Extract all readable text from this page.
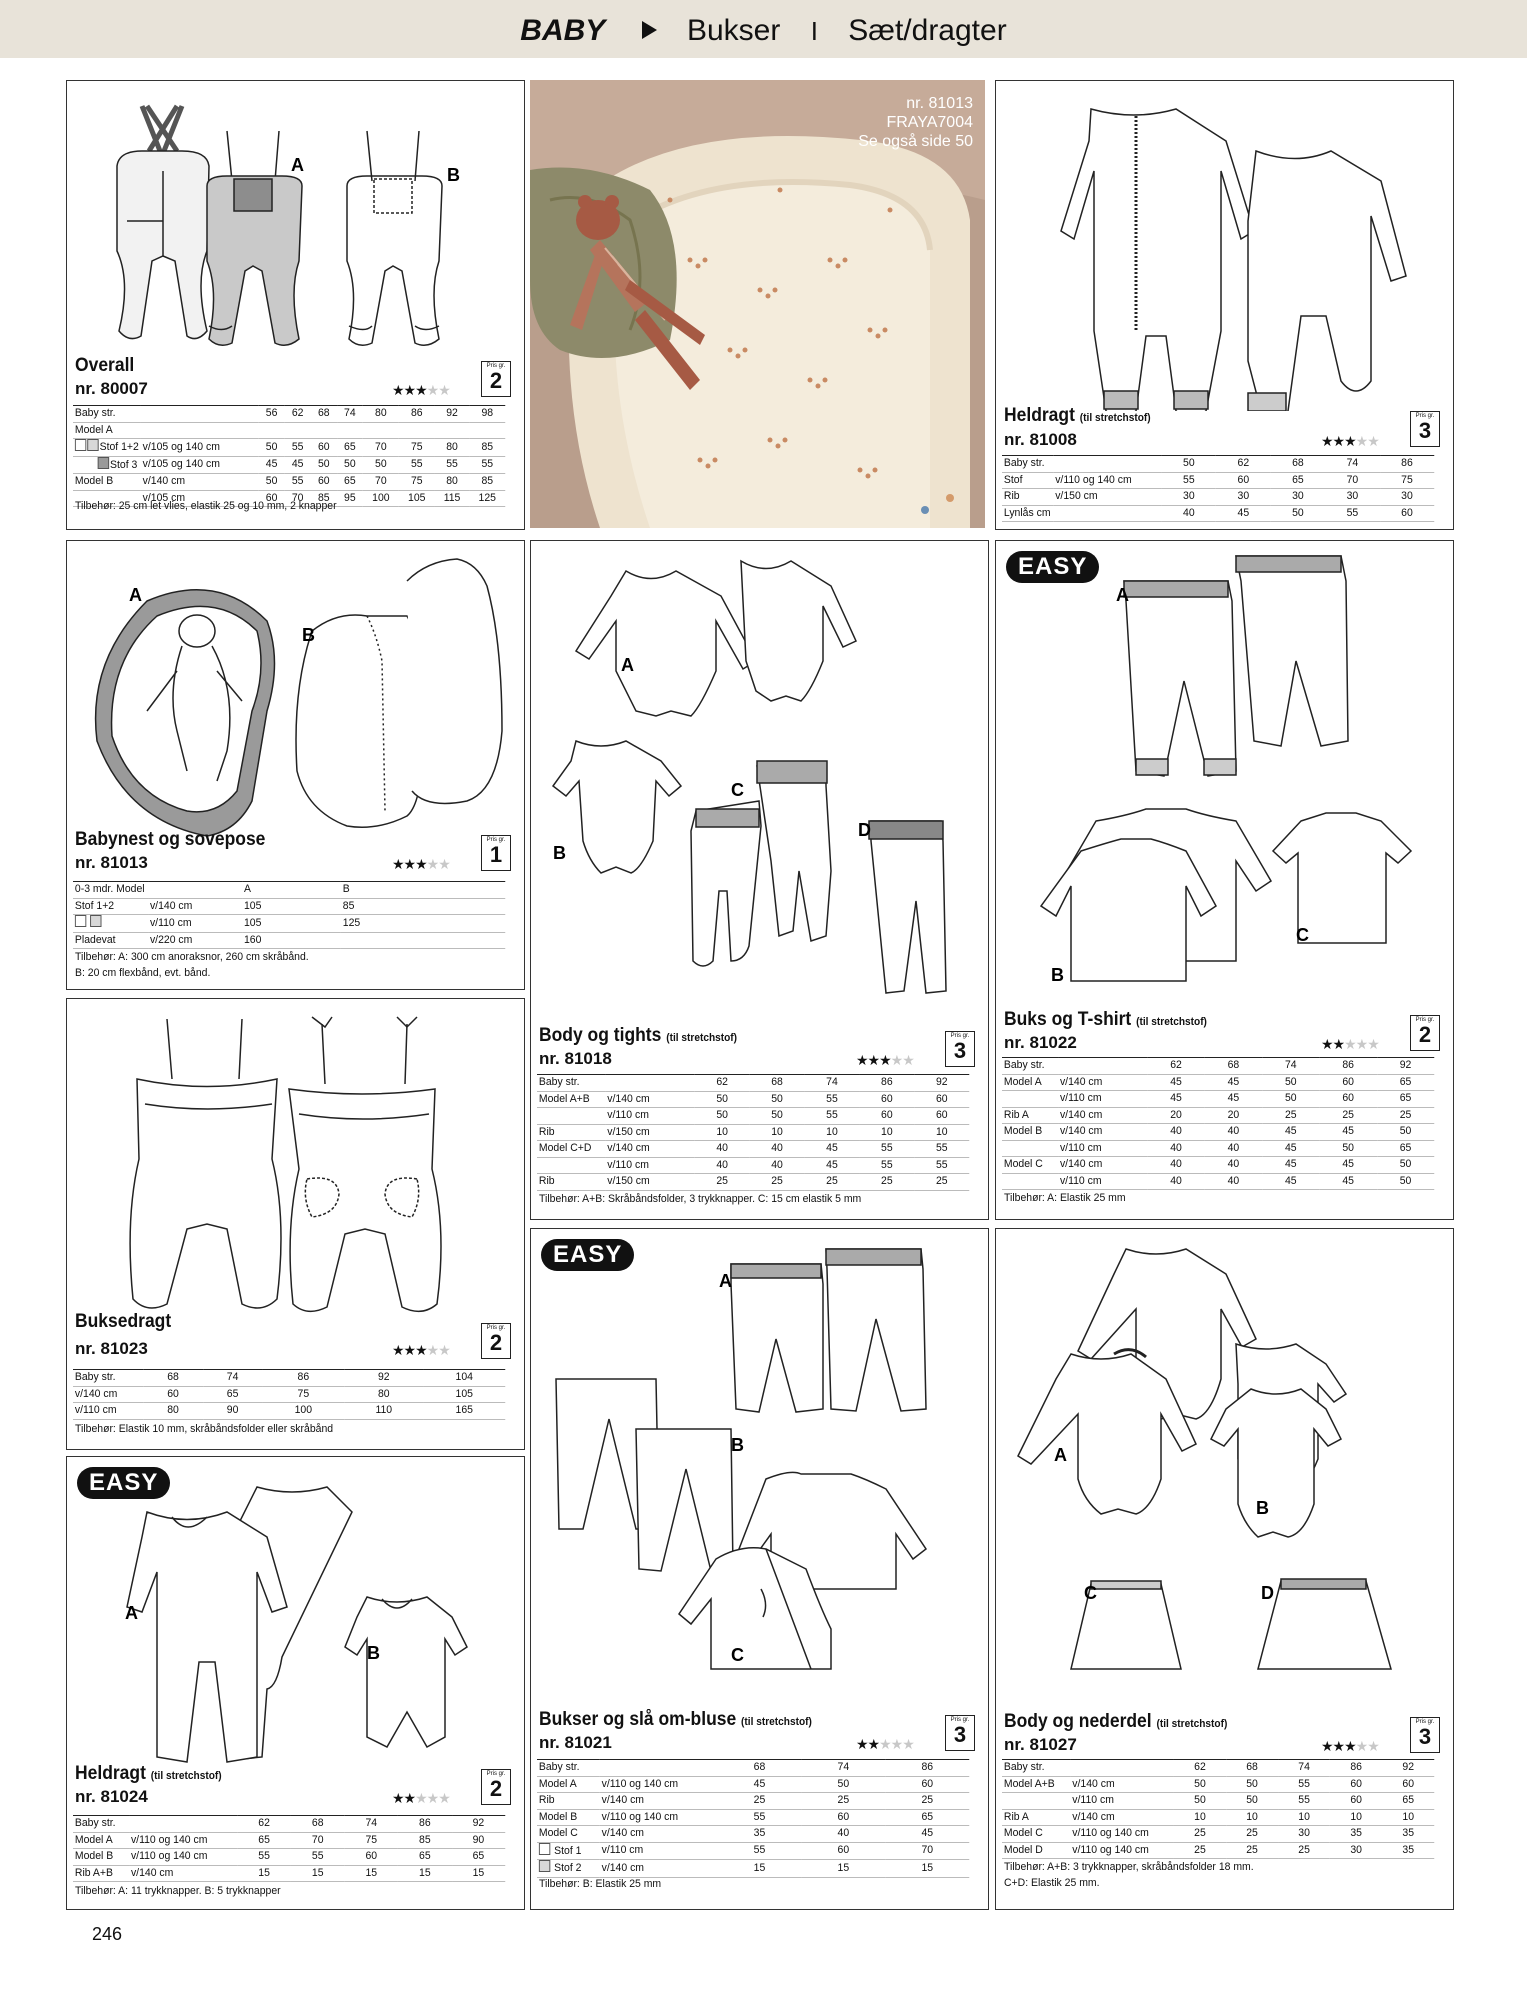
BABY	Bukser I Sæt/dragter
A	B
Overall
nr. 80007	★★★★★
Pris gr.
2
Baby str.		56	62	68	74	80	86	92	98
Model A									
Stof 1+2	v/105 og 140 cm	50	55	60	65	70	75	80	85
Stof 3	v/105 og 140 cm	45	45	50	50	50	55	55	55
Model B	v/140 cm	50	55	60	65	70	75	80	85
	v/105 cm	60	70	85	95	100	105	115	125
Tilbehør: 25 cm let vlies, elastik 25 og 10 mm, 2 knapper
nr. 81013
FRAYA7004
Se også side 50
Heldragt (til stretchstof)
nr. 81008	★★★★★
Pris gr.
3
Baby str.		50	62	68	74	86
Stof	v/110 og 140 cm	55	60	65	70	75
Rib	v/150 cm	30	30	30	30	30
Lynlås cm		40	45	50	55	60
A
B
Babynest og sovepose
nr. 81013	★★★★★
Pris gr.
1
0-3 mdr. Model		A	B
Stof 1+2	v/140 cm	105	85
	v/110 cm	105	125
Pladevat	v/220 cm	160	
Tilbehør: A: 300 cm anoraksnor, 260 cm skråbånd.
B: 20 cm flexbånd, evt. bånd.
A
B
C
D
Body og tights (til stretchstof)
nr. 81018	★★★★★
Pris gr.
3
Baby str.		62	68	74	86	92
Model A+B	v/140 cm	50	50	55	60	60
	v/110 cm	50	50	55	60	60
Rib	v/150 cm	10	10	10	10	10
Model C+D	v/140 cm	40	40	45	55	55
	v/110 cm	40	40	45	55	55
Rib	v/150 cm	25	25	25	25	25
Tilbehør: A+B: Skråbåndsfolder, 3 trykknapper. C: 15 cm elastik 5 mm
EASY
A
B
C
Buks og T-shirt (til stretchstof)
nr. 81022	★★★★★
Pris gr.
2
Baby str.		62	68	74	86	92
Model A	v/140 cm	45	45	50	60	65
	v/110 cm	45	45	50	60	65
Rib A	v/140 cm	20	20	25	25	25
Model B	v/140 cm	40	40	45	45	50
	v/110 cm	40	40	45	50	65
Model C	v/140 cm	40	40	45	45	50
	v/110 cm	40	40	45	45	50
Tilbehør: A: Elastik 25 mm
Buksedragt
nr. 81023	★★★★★
Pris gr.
2
Baby str.	68	74	86	92	104
v/140 cm	60	65	75	80	105
v/110 cm	80	90	100	110	165
Tilbehør: Elastik 10 mm, skråbåndsfolder eller skråbånd
EASY
A
B
Heldragt (til stretchstof)
nr. 81024	★★★★★
Pris gr.
2
Baby str.		62	68	74	86	92
Model A	v/110 og 140 cm	65	70	75	85	90
Model B	v/110 og 140 cm	55	55	60	65	65
Rib A+B	v/140 cm	15	15	15	15	15
Tilbehør: A: 11 trykknapper. B: 5 trykknapper
EASY
A
B
C
Bukser og slå om-bluse (til stretchstof)
nr. 81021	★★★★★
Pris gr.
3
Baby str.		68	74	86
Model A	v/110 og 140 cm	45	50	60
Rib	v/140 cm	25	25	25
Model B	v/110 og 140 cm	55	60	65
Model C	v/140 cm	35	40	45
Stof 1	v/110 cm	55	60	70
Stof 2	v/140 cm	15	15	15
Tilbehør: B: Elastik 25 mm
A
B
C	D
Body og nederdel (til stretchstof)
nr. 81027	★★★★★
Pris gr.
3
Baby str.		62	68	74	86	92
Model A+B	v/140 cm	50	50	55	60	60
	v/110 cm	50	50	55	60	65
Rib A	v/140 cm	10	10	10	10	10
Model C	v/110 og 140 cm	25	25	30	35	35
Model D	v/110 og 140 cm	25	25	25	30	35
Tilbehør: A+B: 3 trykknapper, skråbåndsfolder 18 mm.
C+D: Elastik 25 mm.
246
